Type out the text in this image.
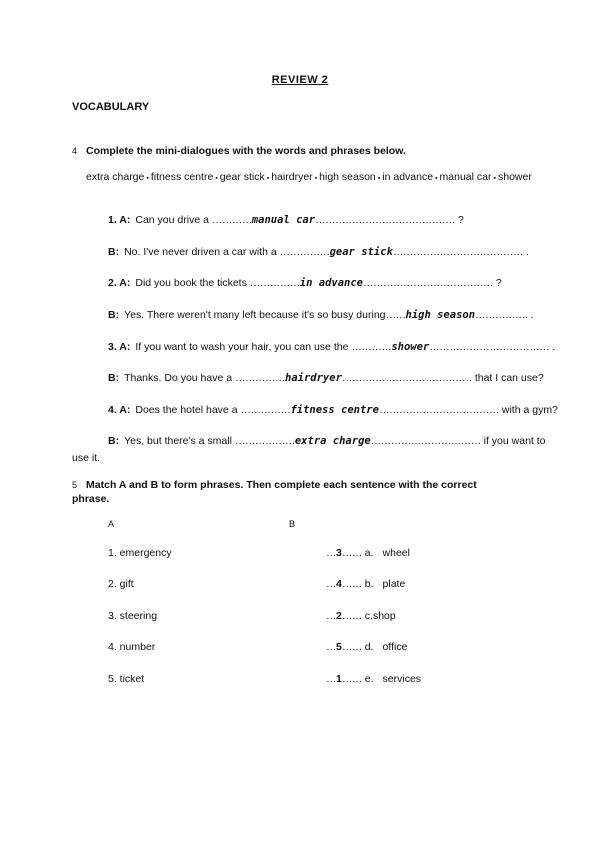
REVIEW 2
VOCABULARY
4 Complete the mini-dialogues with the words and phrases below.
extra charge ▪ fitness centre ▪ gear stick ▪ hairdryer ▪ high season ▪ in advance ▪ manual car ▪ shower
1. A: Can you drive a …………manual car…………………………………… ?
B: No. I've never driven a car with a ……………gear stick………………………………… .
2. A: Did you book the tickets ……………in advance………………………………… ?
B: Yes. There weren't many left because it's so busy during……high season……………. .
3. A: If you want to wash your hair, you can use the …………shower……………………………… .
B: Thanks. Do you have a ……………hairdryer………………………………… that I can use?
4. A: Does the hotel have a ……………fitness centre……………………………… with a gym?
B: Yes, but there's a small ………………extra charge…………………………… if you want to
use it.
5 Match A and B to form phrases. Then complete each sentence with the correct phrase.
A	B
1. emergency	…3…… a. wheel
2. gift	…4…… b. plate
3. steering	…2…… c.shop
4. number	…5…… d. office
5. ticket	…1…… e. services
